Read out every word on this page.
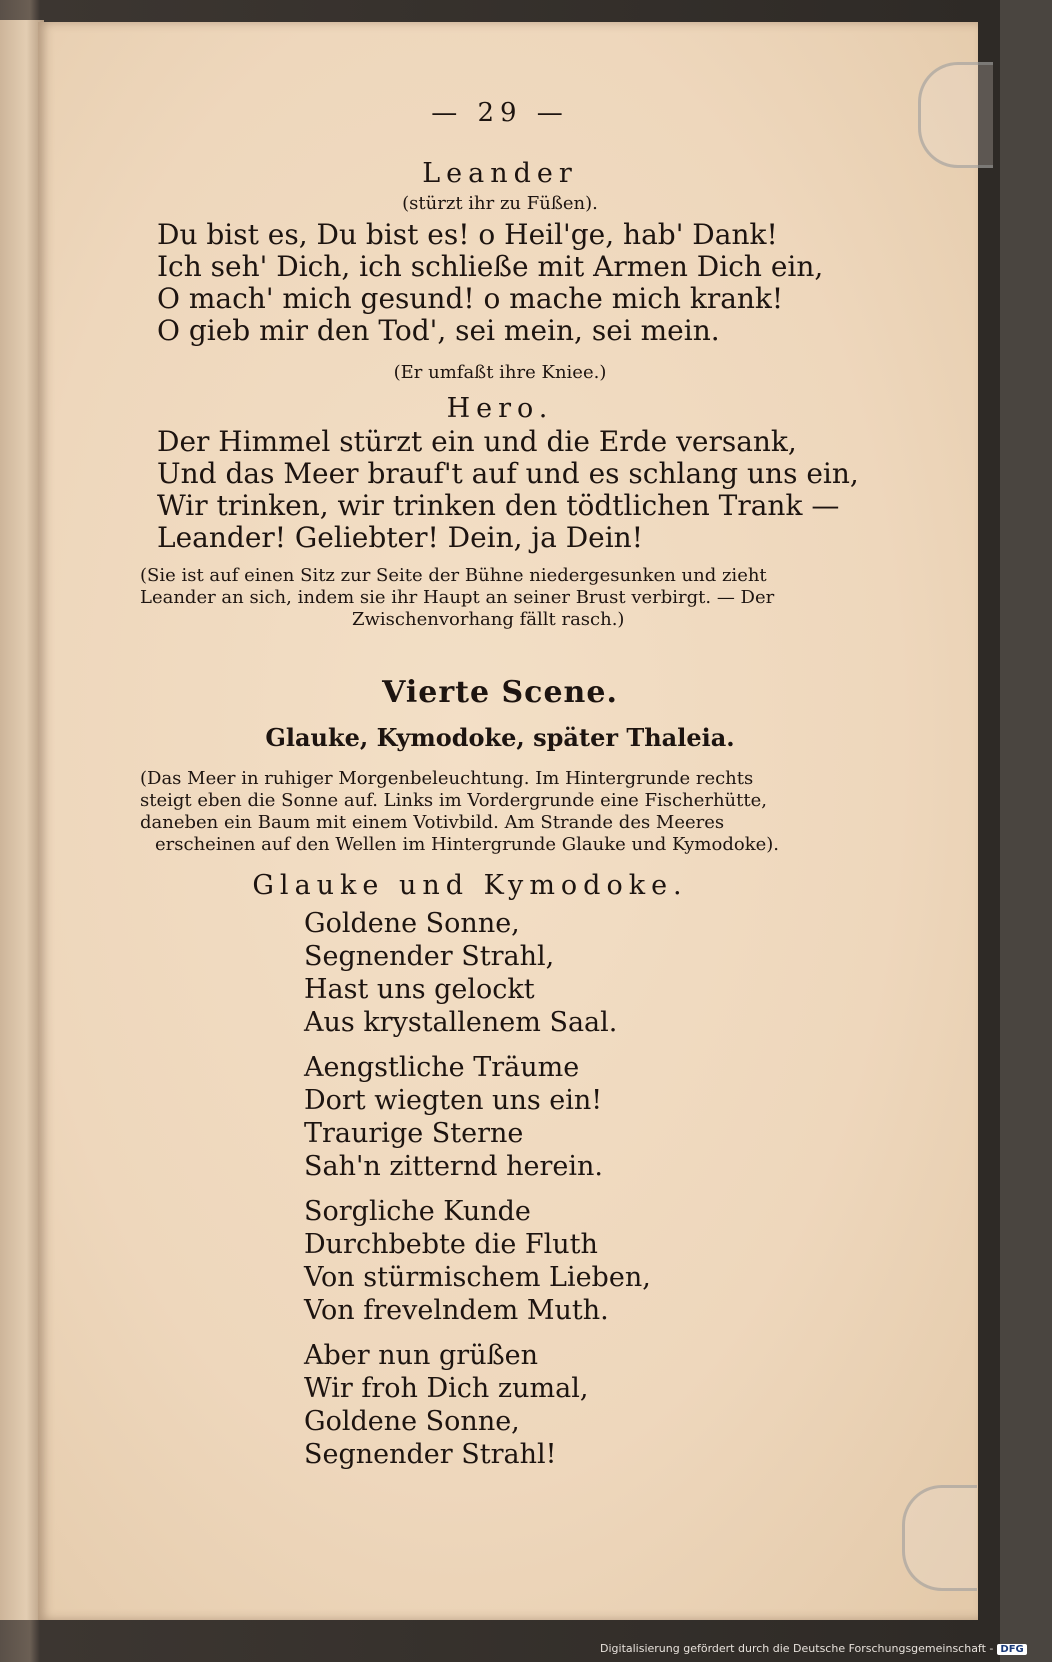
— 29 —
Leander
(stürzt ihr zu Füßen).
Du bist es, Du bist es! o Heil'ge, hab' Dank!
Ich seh' Dich, ich schließe mit Armen Dich ein,
O mach' mich gesund! o mache mich krank!
O gieb mir den Tod', sei mein, sei mein.
(Er umfaßt ihre Kniee.)
Hero.
Der Himmel stürzt ein und die Erde versank,
Und das Meer brauf't auf und es schlang uns ein,
Wir trinken, wir trinken den tödtlichen Trank —
Leander! Geliebter! Dein, ja Dein!
(Sie ist auf einen Sitz zur Seite der Bühne niedergesunken und zieht
Leander an sich, indem sie ihr Haupt an seiner Brust verbirgt. — Der
Zwischenvorhang fällt rasch.)
Vierte Scene.
Glauke, Kymodoke, später Thaleia.
(Das Meer in ruhiger Morgenbeleuchtung. Im Hintergrunde rechts
steigt eben die Sonne auf. Links im Vordergrunde eine Fischerhütte,
daneben ein Baum mit einem Votivbild. Am Strande des Meeres
erscheinen auf den Wellen im Hintergrunde Glauke und Kymodoke).
Glauke und Kymodoke.
Goldene Sonne,
Segnender Strahl,
Hast uns gelockt
Aus krystallenem Saal.
Aengstliche Träume
Dort wiegten uns ein!
Traurige Sterne
Sah'n zitternd herein.
Sorgliche Kunde
Durchbebte die Fluth
Von stürmischem Lieben,
Von frevelndem Muth.
Aber nun grüßen
Wir froh Dich zumal,
Goldene Sonne,
Segnender Strahl!
Digitalisierung gefördert durch die Deutsche Forschungsgemeinschaft - DFG
